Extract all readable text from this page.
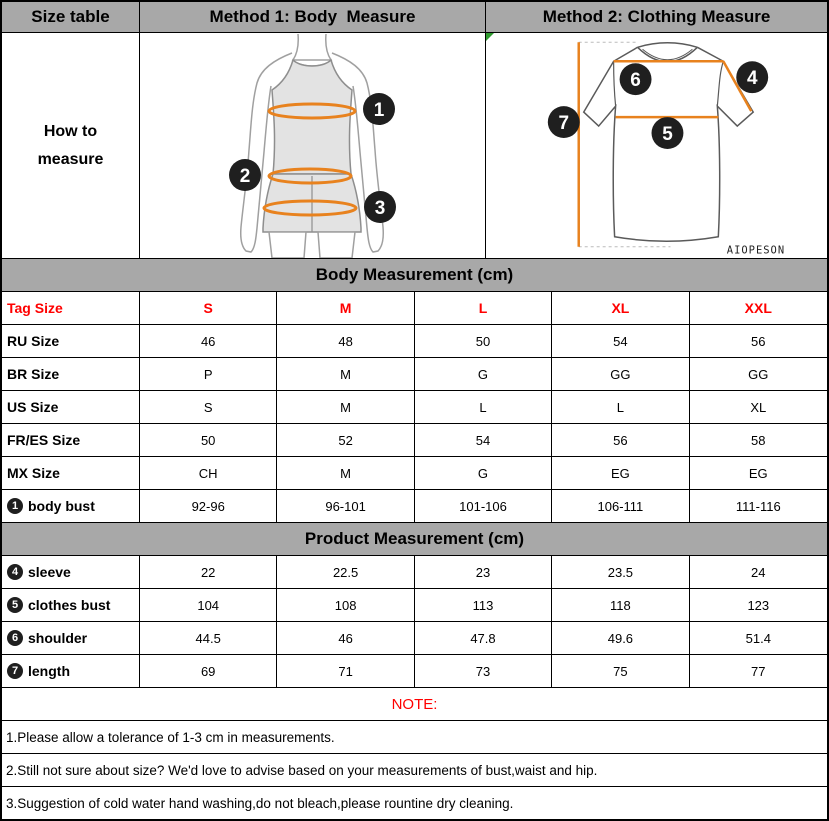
Size table	Method 1: Body  Measure	Method 2: Clothing Measure
How to
measure
1
2
3
6	4
5
7
AIOPESON
Body Measurement (cm)
Tag Size	S	M	L	XL	XXL
RU Size	46	48	50	54	56
BR Size	P	M	G	GG	GG
US Size	S	M	L	L	XL
FR/ES Size	50	52	54	56	58
MX Size	CH	M	G	EG	EG
1 body bust	92-96	96-101	101-106	106-111	111-116
Product Measurement (cm)
4 sleeve	22	22.5	23	23.5	24
5 clothes bust	104	108	113	118	123
6 shoulder	44.5	46	47.8	49.6	51.4
7 length	69	71	73	75	77
NOTE:
1.Please allow a tolerance of 1-3 cm in measurements.
2.Still not sure about size? We'd love to advise based on your measurements of bust,waist and hip.
3.Suggestion of cold water hand washing,do not bleach,please rountine dry cleaning.
